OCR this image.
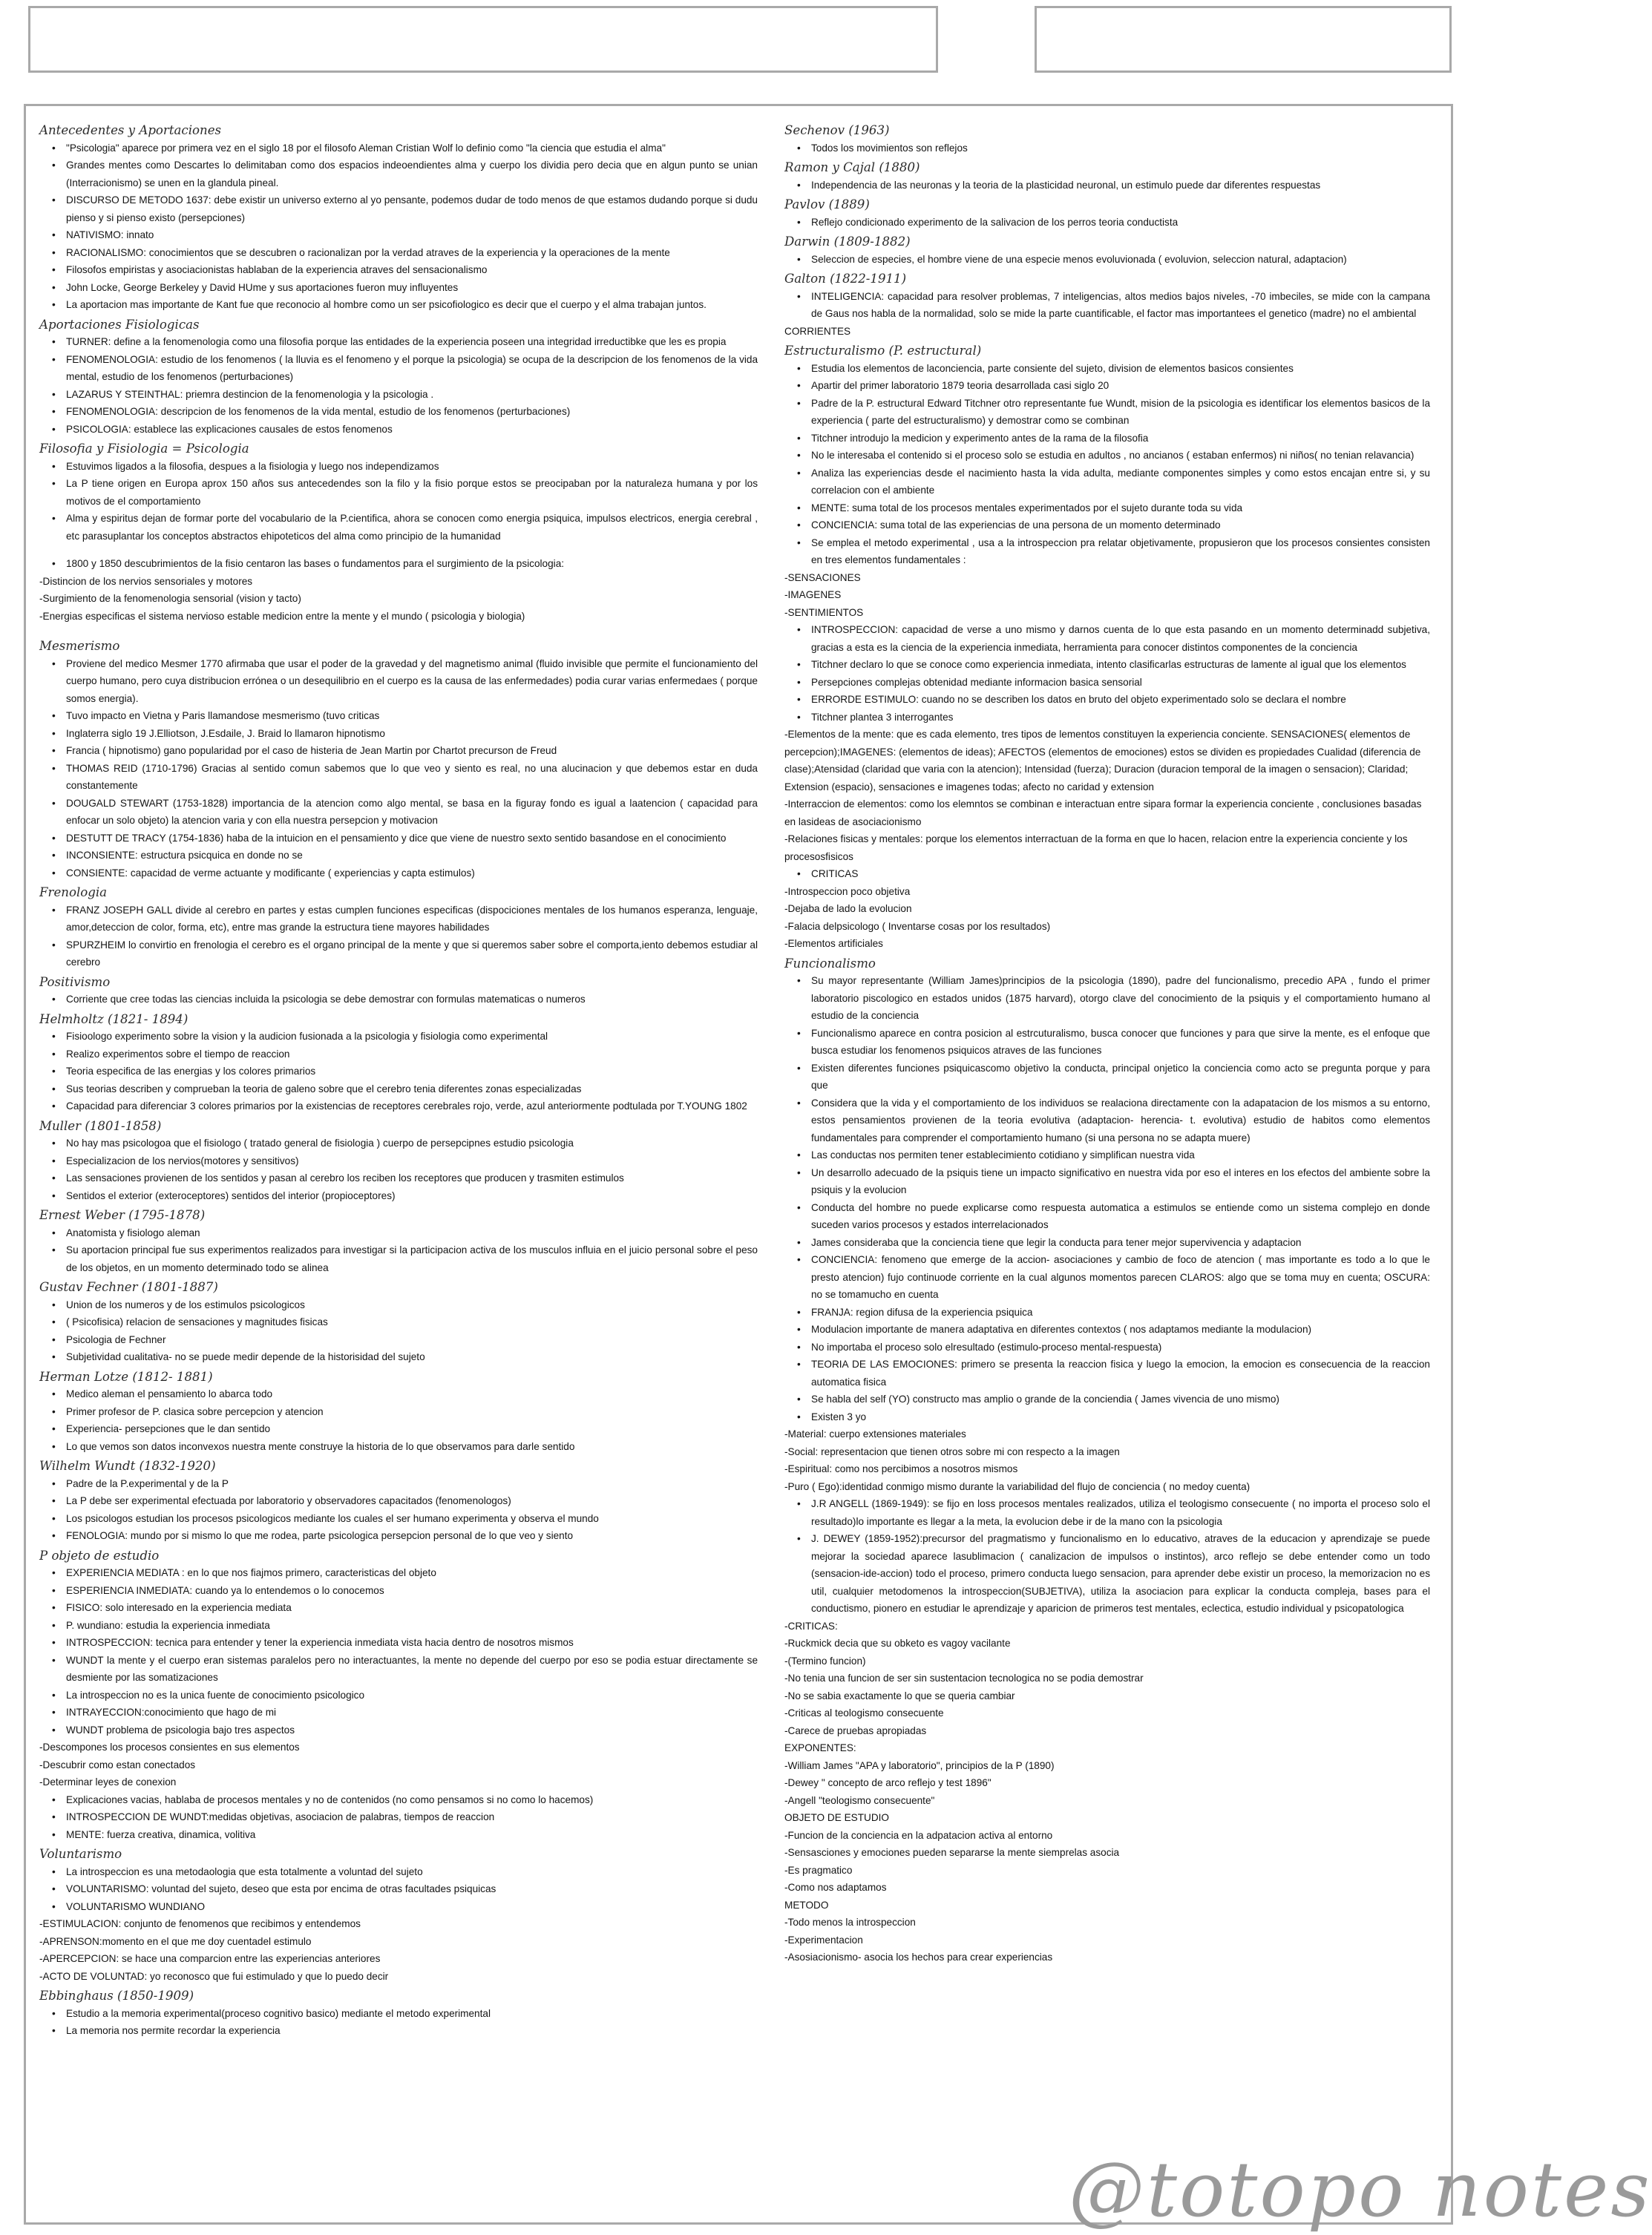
Antecedentes y Aportaciones
• "Psicologia" aparece por primera vez en el siglo 18 por el filosofo Aleman Cristian Wolf lo definio como "la ciencia que estudia el alma"
• Grandes mentes como Descartes lo delimitaban como dos espacios indeoendientes alma y cuerpo los dividia pero decia que en algun punto se unian (Interracionismo) se unen en la glandula pineal.
• DISCURSO DE METODO 1637: debe existir un universo externo al yo pensante, podemos dudar de todo menos de que estamos dudando porque si dudu pienso y si pienso existo (persepciones)
• NATIVISMO: innato
• RACIONALISMO: conocimientos que se descubren o racionalizan por la verdad atraves de la experiencia y la operaciones de la mente
• Filosofos empiristas y asociacionistas hablaban de la experiencia atraves del sensacionalismo
• John Locke, George Berkeley y David HUme y sus aportaciones fueron muy influyentes
• La aportacion mas importante de Kant fue que reconocio al hombre como un ser psicofiologico es decir que el cuerpo y el alma trabajan juntos.
Aportaciones Fisiologicas
• TURNER: define a la fenomenologia como una filosofia porque las entidades de la experiencia poseen una integridad irreductibke que les es propia
• FENOMENOLOGIA: estudio de los fenomenos ( la lluvia es el fenomeno y el porque la psicologia) se ocupa de la descripcion de los fenomenos de la vida mental, estudio de los fenomenos (perturbaciones)
• LAZARUS Y STEINTHAL: priemra destincion de la fenomenologia y la psicologia .
• FENOMENOLOGIA: descripcion de los fenomenos de la vida mental, estudio de los fenomenos (perturbaciones)
• PSICOLOGIA: establece las explicaciones causales de estos fenomenos
Filosofia y Fisiologia = Psicologia
• Estuvimos ligados a la filosofia, despues a la fisiologia y luego nos independizamos
• La P tiene origen en Europa aprox 150 años sus antecedendes son la filo y la fisio porque estos se preocipaban por la naturaleza humana y por los motivos de el comportamiento
• Alma y espiritus dejan de formar porte del vocabulario de la P.cientifica, ahora se conocen como energia psiquica, impulsos electricos, energia cerebral , etc parasuplantar los conceptos abstractos ehipoteticos del alma como principio de la humanidad
• 1800 y 1850 descubrimientos de la fisio centaron las bases o fundamentos para el surgimiento de la psicologia:
-Distincion de los nervios sensoriales y motores
-Surgimiento de la fenomenologia sensorial (vision y tacto)
-Energias especificas el sistema nervioso estable medicion entre la mente y el mundo ( psicologia y biologia)
Mesmerismo
• Proviene del medico Mesmer 1770 afirmaba que usar el poder de la gravedad y del magnetismo animal (fluido invisible que permite el funcionamiento del cuerpo humano, pero cuya distribucion errónea o un desequilibrio en el cuerpo es la causa de las enfermedades) podia curar varias enfermedaes ( porque somos energia).
• Tuvo impacto en Vietna y Paris llamandose mesmerismo (tuvo criticas
• Inglaterra siglo 19 J.Elliotson, J.Esdaile, J. Braid lo llamaron hipnotismo
• Francia ( hipnotismo) gano popularidad por el caso de histeria de Jean Martin por Chartot precurson de Freud
• THOMAS REID (1710-1796) Gracias al sentido comun sabemos que lo que veo y siento es real, no una alucinacion y que debemos estar en duda constantemente
• DOUGALD STEWART (1753-1828) importancia de la atencion como algo mental, se basa en la figuray fondo es igual a laatencion ( capacidad para enfocar un solo objeto) la atencion varia y con ella nuestra persepcion y motivacion
• DESTUTT DE TRACY (1754-1836) haba de la intuicion en el pensamiento y dice que viene de nuestro sexto sentido basandose en el conocimiento
• INCONSIENTE: estructura psicquica en donde no se
• CONSIENTE: capacidad de verme actuante y modificante ( experiencias y capta estimulos)
Frenologia
• FRANZ JOSEPH GALL divide al cerebro en partes y estas cumplen funciones especificas (dispociciones mentales de los humanos esperanza, lenguaje, amor,deteccion de color, forma, etc), entre mas grande la estructura tiene mayores habilidades
• SPURZHEIM lo convirtio en frenologia el cerebro es el organo principal de la mente y que si queremos saber sobre el comporta,iento debemos estudiar al cerebro
Positivismo
• Corriente que cree todas las ciencias incluida la psicologia se debe demostrar con formulas matematicas o numeros
Helmholtz (1821- 1894)
• Fisioologo experimento sobre la vision y la audicion fusionada a la psicologia y fisiologia como experimental
• Realizo experimentos sobre el tiempo de reaccion
• Teoria especifica de las energias y los colores primarios
• Sus teorias describen y comprueban la teoria de galeno sobre que el cerebro tenia diferentes zonas especializadas
• Capacidad para diferenciar 3 colores primarios por la existencias de receptores cerebrales rojo, verde, azul anteriormente podtulada por T.YOUNG 1802
Muller (1801-1858)
• No hay mas psicologoa que el fisiologo ( tratado general de fisiologia ) cuerpo de persepcipnes estudio psicologia
• Especializacion de los nervios(motores y sensitivos)
• Las sensaciones provienen de los sentidos y pasan al cerebro los reciben los receptores que producen y trasmiten estimulos
• Sentidos el exterior (exteroceptores) sentidos del interior (propioceptores)
Ernest Weber (1795-1878)
• Anatomista y fisiologo aleman
• Su aportacion principal fue sus experimentos realizados para investigar si la participacion activa de los musculos influia en el juicio personal sobre el peso de los objetos, en un momento determinado todo se alinea
Gustav Fechner (1801-1887)
• Union de los numeros y de los estimulos psicologicos
• ( Psicofisica) relacion de sensaciones y magnitudes fisicas
• Psicologia de Fechner
• Subjetividad cualitativa- no se puede medir depende de la historisidad del sujeto
Herman Lotze (1812- 1881)
• Medico aleman el pensamiento lo abarca todo
• Primer profesor de P. clasica sobre percepcion y atencion
• Experiencia- persepciones que le dan sentido
• Lo que vemos son datos inconvexos nuestra mente construye la historia de lo que observamos para darle sentido
Wilhelm Wundt (1832-1920)
• Padre de la P.experimental y de la P
• La P debe ser experimental efectuada por laboratorio y observadores capacitados (fenomenologos)
• Los psicologos estudian los procesos psicologicos mediante los cuales el ser humano experimenta y observa el mundo
• FENOLOGIA: mundo por si mismo lo que me rodea, parte psicologica persepcion personal de lo que veo y siento
P objeto de estudio
• EXPERIENCIA MEDIATA : en lo que nos fiajmos primero, caracteristicas del objeto
• ESPERIENCIA INMEDIATA: cuando ya lo entendemos o lo conocemos
• FISICO: solo interesado en la experiencia mediata
• P. wundiano: estudia la experiencia inmediata
• INTROSPECCION: tecnica para entender y tener la experiencia inmediata vista hacia dentro de nosotros mismos
• WUNDT la mente y el cuerpo eran sistemas paralelos pero no interactuantes, la mente no depende del cuerpo por eso se podia estuar directamente se desmiente por las somatizaciones
• La introspeccion no es la unica fuente de conocimiento psicologico
• INTRAYECCION:conocimiento que hago de mi
• WUNDT problema de psicologia bajo tres aspectos
-Descompones los procesos consientes en sus elementos
-Descubrir como estan conectados
-Determinar leyes de conexion
• Explicaciones vacias, hablaba de procesos mentales y no de contenidos (no como pensamos si no como lo hacemos)
• INTROSPECCION DE WUNDT:medidas objetivas, asociacion de palabras, tiempos de reaccion
• MENTE: fuerza creativa, dinamica, volitiva
Voluntarismo
• La introspeccion es una metodaologia que esta totalmente a voluntad del sujeto
• VOLUNTARISMO: voluntad del sujeto, deseo que esta por encima de otras facultades psiquicas
• VOLUNTARISMO WUNDIANO
-ESTIMULACION: conjunto de fenomenos que recibimos y entendemos
-APRENSON:momento en el que me doy cuentadel estimulo
-APERCEPCION: se hace una comparcion entre las experiencias anteriores
-ACTO DE VOLUNTAD: yo reconosco que fui estimulado y que lo puedo decir
Ebbinghaus (1850-1909)
• Estudio a la memoria experimental(proceso cognitivo basico) mediante el metodo experimental
• La memoria nos permite recordar la experiencia
Sechenov (1963)
• Todos los movimientos son reflejos
Ramon y Cajal (1880)
• Independencia de las neuronas y la teoria de la plasticidad neuronal, un estimulo puede dar diferentes respuestas
Pavlov (1889)
• Reflejo condicionado experimento de la salivacion de los perros teoria conductista
Darwin (1809-1882)
• Seleccion de especies, el hombre viene de una especie menos evoluvionada ( evoluvion, seleccion natural, adaptacion)
Galton (1822-1911)
• INTELIGENCIA: capacidad para resolver problemas, 7 inteligencias, altos medios bajos niveles, -70 imbeciles, se mide con la campana de Gaus nos habla de la normalidad, solo se mide la parte cuantificable, el factor mas importantees el genetico (madre) no el ambiental
CORRIENTES
Estructuralismo (P. estructural)
• Estudia los elementos de laconciencia, parte consiente del sujeto, division de elementos basicos consientes
• Apartir del primer laboratorio 1879 teoria desarrollada casi siglo 20
• Padre de la P. estructural Edward Titchner otro representante fue Wundt, mision de la psicologia es identificar los elementos basicos de la experiencia ( parte del estructuralismo) y demostrar como se combinan
• Titchner introdujo la medicion y experimento antes de la rama de la filosofia
• No le interesaba el contenido si el proceso solo se estudia en adultos , no ancianos ( estaban enfermos) ni niños( no tenian relavancia)
• Analiza las experiencias desde el nacimiento hasta la vida adulta, mediante componentes simples y como estos encajan entre si, y su correlacion con el ambiente
• MENTE: suma total de los procesos mentales experimentados por el sujeto durante toda su vida
• CONCIENCIA: suma total de las experiencias de una persona de un momento determinado
• Se emplea el metodo experimental , usa a la introspeccion pra relatar objetivamente, propusieron que los procesos consientes consisten en tres elementos fundamentales :
-SENSACIONES
-IMAGENES
-SENTIMIENTOS
• INTROSPECCION: capacidad de verse a uno mismo y darnos cuenta de lo que esta pasando en un momento determinadd subjetiva, gracias a esta es la ciencia de la experiencia inmediata, herramienta para conocer distintos componentes de la conciencia
• Titchner declaro lo que se conoce como experiencia inmediata, intento clasificarlas estructuras de lamente al igual que los elementos
• Persepciones complejas obtenidad mediante informacion basica sensorial
• ERRORDE ESTIMULO: cuando no se describen los datos en bruto del objeto experimentado solo se declara el nombre
• Titchner plantea 3 interrogantes
-Elementos de la mente: que es cada elemento, tres tipos de lementos constituyen la experiencia conciente. SENSACIONES( elementos de percepcion);IMAGENES: (elementos de ideas); AFECTOS (elementos de emociones) estos se dividen es propiedades Cualidad (diferencia de clase);Atensidad (claridad que varia con la atencion); Intensidad (fuerza); Duracion (duracion temporal de la imagen o sensacion); Claridad; Extension (espacio), sensaciones e imagenes todas; afecto no caridad y extension
-Interraccion de elementos: como los elemntos se combinan e interactuan entre sipara formar la experiencia conciente , conclusiones basadas en lasideas de asociacionismo
-Relaciones fisicas y mentales: porque los elementos interractuan de la forma en que lo hacen, relacion entre la experiencia conciente y los procesosfisicos
• CRITICAS
-Introspeccion poco objetiva
-Dejaba de lado la evolucion
-Falacia delpsicologo ( Inventarse cosas por los resultados)
-Elementos artificiales
Funcionalismo
• Su mayor representante (William James)principios de la psicologia (1890), padre del funcionalismo, precedio APA , fundo el primer laboratorio piscologico en estados unidos (1875 harvard), otorgo clave del conocimiento de la psiquis y el comportamiento humano al estudio de la conciencia
• Funcionalismo aparece en contra posicion al estrcuturalismo, busca conocer que funciones y para que sirve la mente, es el enfoque que busca estudiar los fenomenos psiquicos atraves de las funciones
• Existen diferentes funciones psiquicascomo objetivo la conducta, principal onjetico la conciencia como acto se pregunta porque y para que
• Considera que la vida y el comportamiento de los individuos se realaciona directamente con la adapatacion de los mismos a su entorno, estos pensamientos provienen de la teoria evolutiva (adaptacion- herencia- t. evolutiva) estudio de habitos como elementos fundamentales para comprender el comportamiento humano (si una persona no se adapta muere)
• Las conductas nos permiten tener establecimiento cotidiano y simplifican nuestra vida
• Un desarrollo adecuado de la psiquis tiene un impacto significativo en nuestra vida por eso el interes en los efectos del ambiente sobre la psiquis y la evolucion
• Conducta del hombre no puede explicarse como respuesta automatica a estimulos se entiende como un sistema complejo en donde suceden varios procesos y estados interrelacionados
• James consideraba que la conciencia tiene que legir la conducta para tener mejor supervivencia y adaptacion
• CONCIENCIA: fenomeno que emerge de la accion- asociaciones y cambio de foco de atencion ( mas importante es todo a lo que le presto atencion) fujo continuode corriente en la cual algunos momentos parecen CLAROS: algo que se toma muy en cuenta; OSCURA: no se tomamucho en cuenta
• FRANJA: region difusa de la experiencia psiquica
• Modulacion importante de manera adaptativa en diferentes contextos ( nos adaptamos mediante la modulacion)
• No importaba el proceso solo elresultado (estimulo-proceso mental-respuesta)
• TEORIA DE LAS EMOCIONES: primero se presenta la reaccion fisica y luego la emocion, la emocion es consecuencia de la reaccion automatica fisica
• Se habla del self (YO) constructo mas amplio o grande de la conciendia ( James vivencia de uno mismo)
• Existen 3 yo
-Material: cuerpo extensiones materiales
-Social: representacion que tienen otros sobre mi con respecto a la imagen
-Espiritual: como nos percibimos a nosotros mismos
-Puro ( Ego):identidad conmigo mismo durante la variabilidad del flujo de conciencia ( no medoy cuenta)
• J.R ANGELL (1869-1949): se fijo en loss procesos mentales realizados, utiliza el teologismo consecuente ( no importa el proceso solo el resultado)lo importante es llegar a la meta, la evolucion debe ir de la mano con la psicologia
• J. DEWEY (1859-1952):precursor del pragmatismo y funcionalismo en lo educativo, atraves de la educacion y aprendizaje se puede mejorar la sociedad aparece lasublimacion ( canalizacion de impulsos o instintos), arco reflejo se debe entender como un todo (sensacion-ide-accion) todo el proceso, primero conducta luego sensacion, para aprender debe existir un proceso, la memorizacion no es util, cualquier metodomenos la introspeccion(SUBJETIVA), utiliza la asociacion para explicar la conducta compleja, bases para el conductismo, pionero en estudiar le aprendizaje y aparicion de primeros test mentales, eclectica, estudio individual y psicopatologica
-CRITICAS:
-Ruckmick decia que su obketo es vagoy vacilante
-(Termino funcion)
-No tenia una funcion de ser sin sustentacion tecnologica no se podia demostrar
-No se sabia exactamente lo que se queria cambiar
-Criticas al teologismo consecuente
-Carece de pruebas apropiadas
EXPONENTES:
-William James "APA y laboratorio", principios de la P (1890)
-Dewey " concepto de arco reflejo y test 1896"
-Angell "teologismo consecuente"
OBJETO DE ESTUDIO
-Funcion de la conciencia en la adpatacion activa al entorno
-Sensasciones y emociones pueden separarse la mente siemprelas asocia
-Es pragmatico
-Como nos adaptamos
METODO
-Todo menos la introspeccion
-Experimentacion
-Asosiacionismo- asocia los hechos para crear experiencias
@totopo notes
